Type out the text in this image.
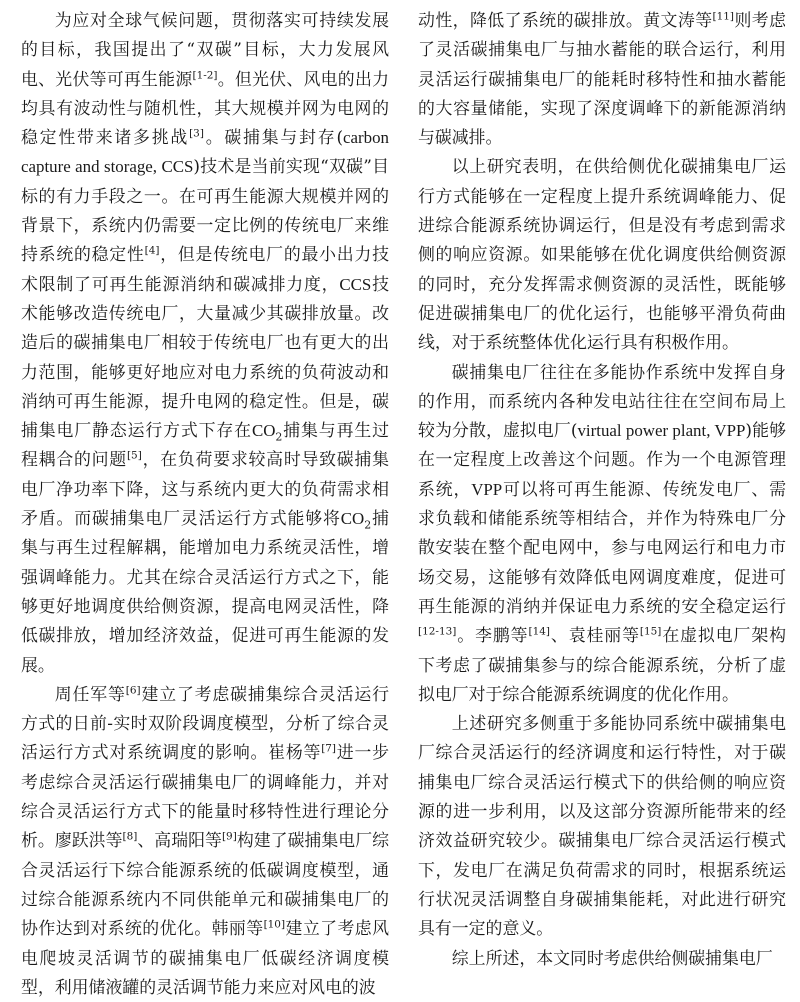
为应对全球气候问题，贯彻落实可持续发展的目标，我国提出了“双碳”目标，大力发展风电、光伏等可再生能源[1-2]。但光伏、风电的出力均具有波动性与随机性，其大规模并网为电网的稳定性带来诸多挑战[3]。碳捕集与封存(carbon capture and storage, CCS)技术是当前实现“双碳”目标的有力手段之一。在可再生能源大规模并网的背景下，系统内仍需要一定比例的传统电厂来维持系统的稳定性[4]，但是传统电厂的最小出力技术限制了可再生能源消纳和碳减排力度，CCS技术能够改造传统电厂，大量减少其碳排放量。改造后的碳捕集电厂相较于传统电厂也有更大的出力范围，能够更好地应对电力系统的负荷波动和消纳可再生能源，提升电网的稳定性。但是，碳捕集电厂静态运行方式下存在$CO_2$捕集与再生过程耦合的问题[5]，在负荷要求较高时导致碳捕集电厂净功率下降，这与系统内更大的负荷需求相矛盾。而碳捕集电厂灵活运行方式能够将$CO_2$捕集与再生过程解耦，能增加电力系统灵活性，增强调峰能力。尤其在综合灵活运行方式之下，能够更好地调度供给侧资源，提高电网灵活性，降低碳排放，增加经济效益，促进可再生能源的发展。

周任军等[6]建立了考虑碳捕集综合灵活运行方式的日前-实时双阶段调度模型，分析了综合灵活运行方式对系统调度的影响。崔杨等[7]进一步考虑综合灵活运行碳捕集电厂的调峰能力，并对综合灵活运行方式下的能量时移特性进行理论分析。廖跃洪等[8]、高瑞阳等[9]构建了碳捕集电厂综合灵活运行下综合能源系统的低碳调度模型，通过综合能源系统内不同供能单元和碳捕集电厂的协作达到对系统的优化。韩丽等[10]建立了考虑风电爬坡灵活调节的碳捕集电厂低碳经济调度模型，利用储液罐的灵活调节能力来应对风电的波

动性，降低了系统的碳排放。黄文涛等[11]则考虑了灵活碳捕集电厂与抽水蓄能的联合运行，利用灵活运行碳捕集电厂的能耗时移特性和抽水蓄能的大容量储能，实现了深度调峰下的新能源消纳与碳减排。

以上研究表明，在供给侧优化碳捕集电厂运行方式能够在一定程度上提升系统调峰能力、促进综合能源系统协调运行，但是没有考虑到需求侧的响应资源。如果能够在优化调度供给侧资源的同时，充分发挥需求侧资源的灵活性，既能够促进碳捕集电厂的优化运行，也能够平滑负荷曲线，对于系统整体优化运行具有积极作用。

碳捕集电厂往往在多能协作系统中发挥自身的作用，而系统内各种发电站往往在空间布局上较为分散，虚拟电厂(virtual power plant, VPP)能够在一定程度上改善这个问题。作为一个电源管理系统，VPP可以将可再生能源、传统发电厂、需求负载和储能系统等相结合，并作为特殊电厂分散安装在整个配电网中，参与电网运行和电力市场交易，这能够有效降低电网调度难度，促进可再生能源的消纳并保证电力系统的安全稳定运行[12-13]。李鹏等[14]、袁桂丽等[15]在虚拟电厂架构下考虑了碳捕集参与的综合能源系统，分析了虚拟电厂对于综合能源系统调度的优化作用。

上述研究多侧重于多能协同系统中碳捕集电厂综合灵活运行的经济调度和运行特性，对于碳捕集电厂综合灵活运行模式下的供给侧的响应资源的进一步利用，以及这部分资源所能带来的经济效益研究较少。碳捕集电厂综合灵活运行模式下，发电厂在满足负荷需求的同时，根据系统运行状况灵活调整自身碳捕集能耗，对此进行研究具有一定的意义。

综上所述，本文同时考虑供给侧碳捕集电厂
